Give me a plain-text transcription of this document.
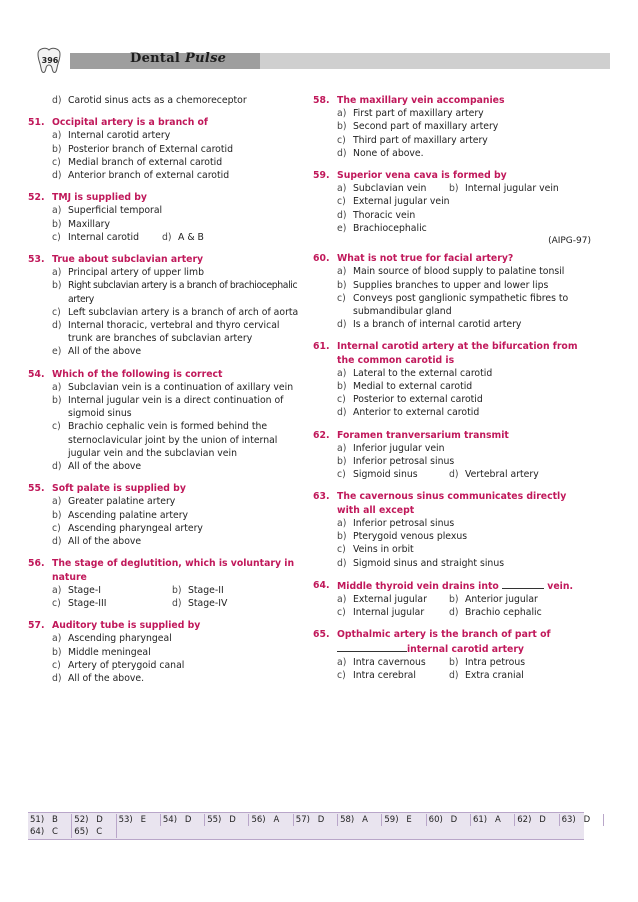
396	Dental Pulse
d) Carotid sinus acts as a chemoreceptor
51. Occipital artery is a branch of
a) Internal carotid artery
b) Posterior branch of External carotid
c) Medial branch of external carotid
d) Anterior branch of external carotid
52. TMJ is supplied by
a) Superficial temporal
b) Maxillary
c) Internal carotid	d) A & B
53. True about subclavian artery
a) Principal artery of upper limb
b) Right subclavian artery is a branch of brachiocephalic artery
c) Left subclavian artery is a branch of arch of aorta
d) Internal thoracic, vertebral and thyro cervical trunk are branches of subclavian artery
e) All of the above
54. Which of the following is correct
a) Subclavian vein is a continuation of axillary vein
b) Internal jugular vein is a direct continuation of sigmoid sinus
c) Brachio cephalic vein is formed behind the sternoclavicular joint by the union of internal jugular vein and the subclavian vein
d) All of the above
55. Soft palate is supplied by
a) Greater palatine artery
b) Ascending palatine artery
c) Ascending pharyngeal artery
d) All of the above
56. The stage of deglutition, which is voluntary in nature
a) Stage-I	b) Stage-II
c) Stage-III	d) Stage-IV
57. Auditory tube is supplied by
a) Ascending pharyngeal
b) Middle meningeal
c) Artery of pterygoid canal
d) All of the above.
58. The maxillary vein accompanies
a) First part of maxillary artery
b) Second part of maxillary artery
c) Third part of maxillary artery
d) None of above.
59. Superior vena cava is formed by
a) Subclavian vein	b) Internal jugular vein
c) External jugular vein
d) Thoracic vein
e) Brachiocephalic
(AIPG-97)
60. What is not true for facial artery?
a) Main source of blood supply to palatine tonsil
b) Supplies branches to upper and lower lips
c) Conveys post ganglionic sympathetic fibres to submandibular gland
d) Is a branch of internal carotid artery
61. Internal carotid artery at the bifurcation from the common carotid is
a) Lateral to the external carotid
b) Medial to external carotid
c) Posterior to external carotid
d) Anterior to external carotid
62. Foramen tranversarium transmit
a) Inferior jugular vein
b) Inferior petrosal sinus
c) Sigmoid sinus	d) Vertebral artery
63. The cavernous sinus communicates directly with all except
a) Inferior petrosal sinus
b) Pterygoid venous plexus
c) Veins in orbit
d) Sigmoid sinus and straight sinus
64. Middle thyroid vein drains into	vein.
a) External jugular	b) Anterior jugular
c) Internal jugular	d) Brachio cephalic
65. Opthalmic artery is the branch of part ofinternal carotid artery
a) Intra cavernous	b) Intra petrous
c) Intra cerebral	d) Extra cranial
51) B 52) D 53) E 54) D 55) D 56) A 57) D 58) A 59) E 60) D 61) A 62) D 63) D
64) C 65) C
